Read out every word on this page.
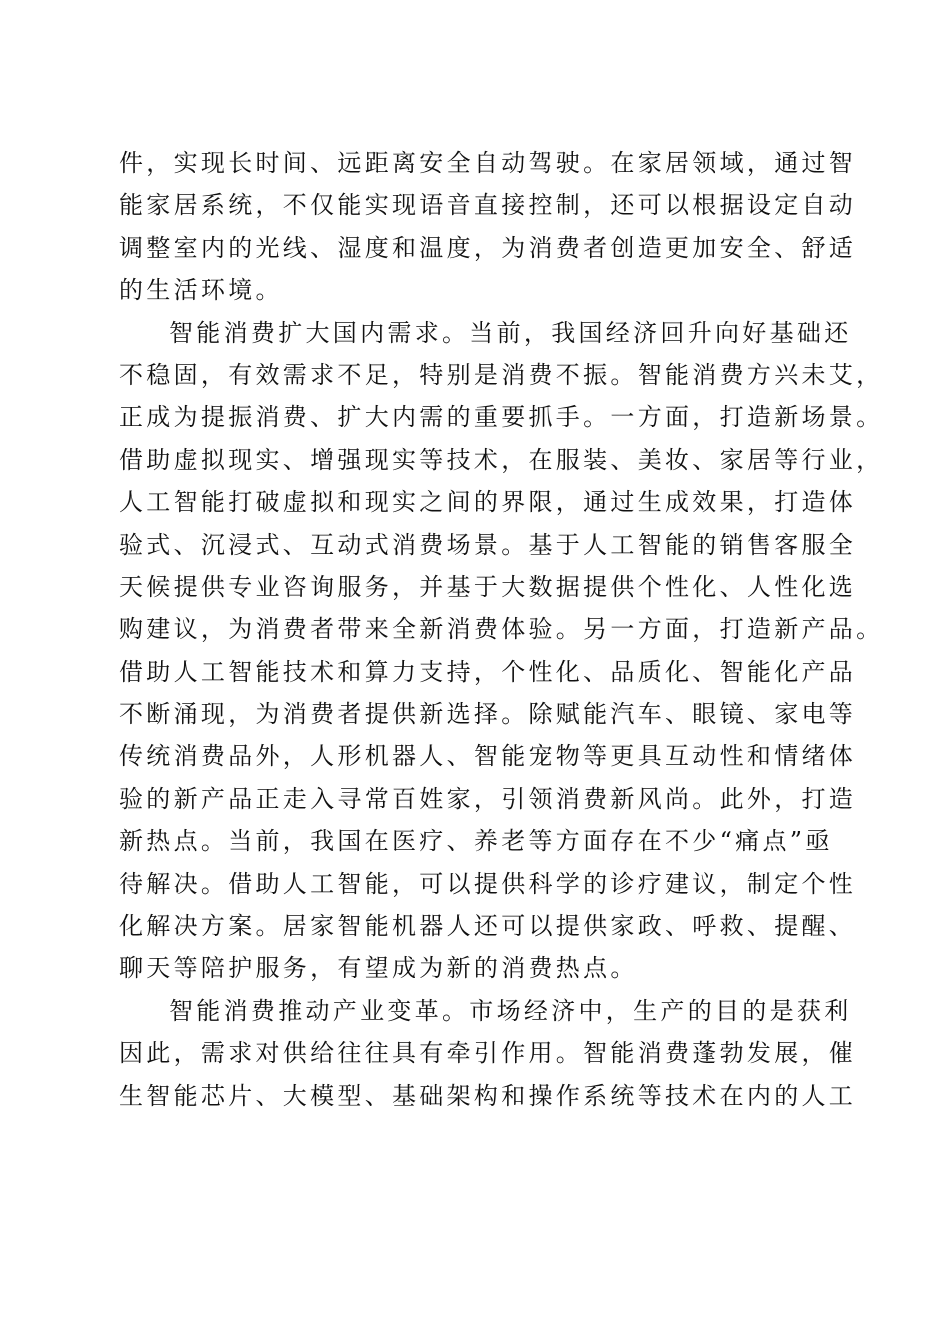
件，实现长时间、远距离安全自动驾驶。在家居领域，通过智
能家居系统，不仅能实现语音直接控制，还可以根据设定自动
调整室内的光线、湿度和温度，为消费者创造更加安全、舒适
的生活环境。
智能消费扩大国内需求。当前，我国经济回升向好基础还
不稳固，有效需求不足，特别是消费不振。智能消费方兴未艾，
正成为提振消费、扩大内需的重要抓手。一方面，打造新场景。
借助虚拟现实、增强现实等技术，在服装、美妆、家居等行业，
人工智能打破虚拟和现实之间的界限，通过生成效果，打造体
验式、沉浸式、互动式消费场景。基于人工智能的销售客服全
天候提供专业咨询服务，并基于大数据提供个性化、人性化选
购建议，为消费者带来全新消费体验。另一方面，打造新产品。
借助人工智能技术和算力支持，个性化、品质化、智能化产品
不断涌现，为消费者提供新选择。除赋能汽车、眼镜、家电等
传统消费品外，人形机器人、智能宠物等更具互动性和情绪体
验的新产品正走入寻常百姓家，引领消费新风尚。此外，打造
新热点。当前，我国在医疗、养老等方面存在不少“痛点”亟
待解决。借助人工智能，可以提供科学的诊疗建议，制定个性
化解决方案。居家智能机器人还可以提供家政、呼救、提醒、
聊天等陪护服务，有望成为新的消费热点。
智能消费推动产业变革。市场经济中，生产的目的是获利
因此，需求对供给往往具有牵引作用。智能消费蓬勃发展，催
生智能芯片、大模型、基础架构和操作系统等技术在内的人工
